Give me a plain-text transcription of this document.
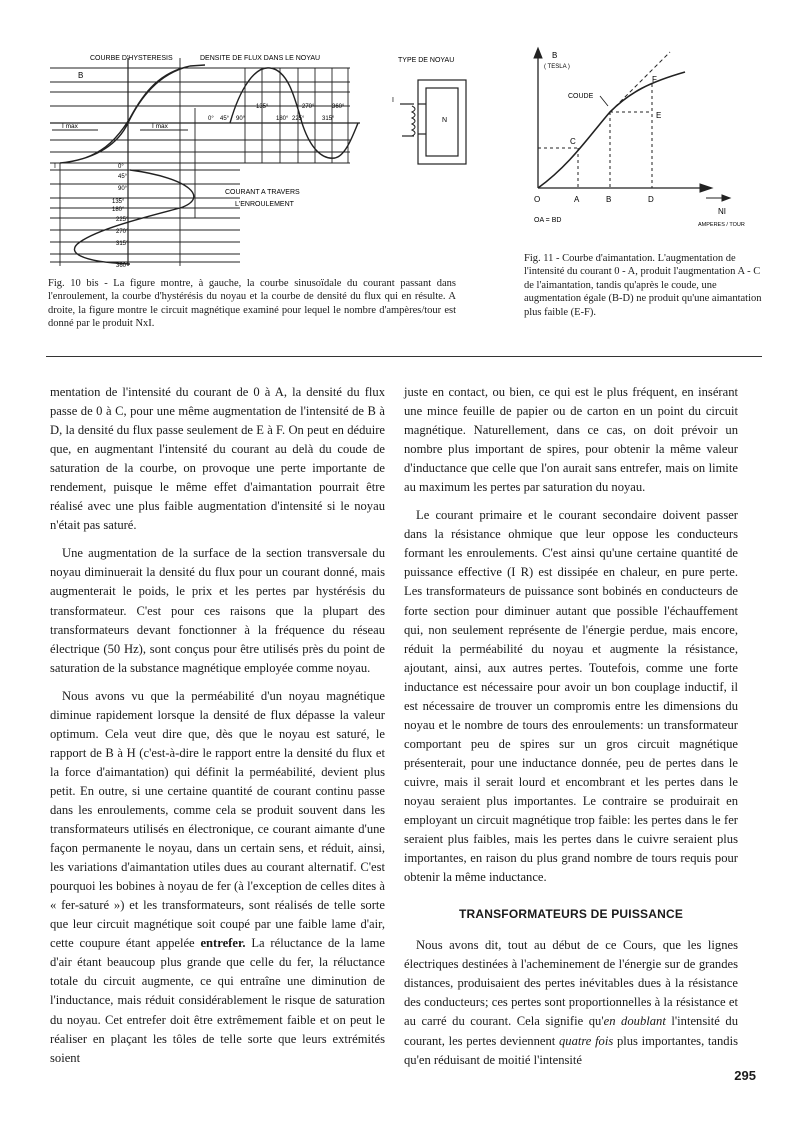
COURBE D'HYSTERESIS	DENSITE DE FLUX DANS LE NOYAU
B
I
I max	I max
0° 45° 90°
135°
180° 225°
270°
315°
360°
0°
45°
90°
135°
180°
225°
270°
315°
360°
COURANT A TRAVERS
L'ENROULEMENT
TYPE DE NOYAU
I
N
Fig. 10 bis - La figure montre, à gauche, la courbe sinusoïdale du courant passant dans l'enroulement, la courbe d'hystérésis du noyau et la courbe de densité du flux qui en résulte. A droite, la figure montre le circuit magnétique examiné pour lequel le nombre d'ampères/tour est donné par le produit NxI.
B
( TESLA )
COUDE
O	A	B	D
C
E
F
NI
AMPERES / TOUR
OA = BD
Fig. 11 - Courbe d'aimantation. L'augmentation de l'intensité du courant 0 - A, produit l'augmentation A - C de l'aimantation, tandis qu'après le coude, une augmentation égale (B-D) ne produit qu'une aimantation plus faible (E-F).

mentation de l'intensité du courant de 0 à A, la densité du flux passe de 0 à C, pour une même augmentation de l'intensité de B à D, la densité du flux passe seulement de E à F. On peut en déduire que, en augmentant l'intensité du courant au delà du coude de saturation de la courbe, on provoque une perte importante de rendement, puisque le même effet d'aimantation pourrait être réalisé avec une plus faible augmentation d'intensité si le noyau n'était pas saturé.

Une augmentation de la surface de la section transversale du noyau diminuerait la densité du flux pour un courant donné, mais augmenterait le poids, le prix et les pertes par hystérésis du transformateur. C'est pour ces raisons que la plupart des transformateurs devant fonctionner à la fréquence du réseau électrique (50 Hz), sont conçus pour être utilisés près du point de saturation de la substance magnétique employée comme noyau.

Nous avons vu que la perméabilité d'un noyau magnétique diminue rapidement lorsque la densité de flux dépasse la valeur optimum. Cela veut dire que, dès que le noyau est saturé, le rapport de B à H (c'est-à-dire le rapport entre la densité du flux et la force d'aimantation) qui définit la perméabilité, devient plus petit. En outre, si une certaine quantité de courant continu passe dans les enroulements, comme cela se produit souvent dans les transformateurs utilisés en électronique, ce courant aimante d'une façon permanente le noyau, dans un certain sens, et réduit, ainsi, les variations d'aimantation utiles dues au courant alternatif. C'est pourquoi les bobines à noyau de fer (à l'exception de celles dites à « fer-saturé ») et les transformateurs, sont réalisés de telle sorte que leur circuit magnétique soit coupé par une faible lame d'air, cette coupure étant appelée entrefer. La réluctance de la lame d'air étant beaucoup plus grande que celle du fer, la réluctance totale du circuit augmente, ce qui entraîne une diminution de l'inductance, mais réduit considérablement le risque de saturation du noyau. Cet entrefer doit être extrêmement faible et on peut le réaliser en plaçant les tôles de telle sorte que leurs extrémités soient

juste en contact, ou bien, ce qui est le plus fréquent, en insérant une mince feuille de papier ou de carton en un point du circuit magnétique. Naturellement, dans ce cas, on doit prévoir un nombre plus important de spires, pour obtenir la même valeur d'inductance que celle que l'on aurait sans entrefer, mais on limite au maximum les pertes par saturation du noyau.

Le courant primaire et le courant secondaire doivent passer dans la résistance ohmique que leur oppose les conducteurs formant les enroulements. C'est ainsi qu'une certaine quantité de puissance effective (I R) est dissipée en chaleur, en pure perte. Les transformateurs de puissance sont bobinés en conducteurs de forte section pour diminuer autant que possible l'échauffement qui, non seulement représente de l'énergie perdue, mais encore, réduit la perméabilité du noyau et augmente la résistance, ajoutant, ainsi, aux autres pertes. Toutefois, comme une forte inductance est nécessaire pour avoir un bon couplage inductif, il est nécessaire de trouver un compromis entre les dimensions du noyau et le nombre de tours des enroulements: un transformateur comportant peu de spires sur un gros circuit magnétique présenterait, pour une inductance donnée, peu de pertes dans le cuivre, mais il serait lourd et encombrant et les pertes dans le noyau seraient plus importantes. Le contraire se produirait en employant un circuit magnétique trop faible: les pertes dans le fer seraient plus faibles, mais les pertes dans le cuivre seraient plus importantes, en raison du plus grand nombre de tours requis pour obtenir la même inductance.

TRANSFORMATEURS DE PUISSANCE

Nous avons dit, tout au début de ce Cours, que les lignes électriques destinées à l'acheminement de l'énergie sur de grandes distances, produisaient des pertes inévitables dues à la résistance des conducteurs; ces pertes sont proportionnelles à la résistance et au carré du courant. Cela signifie qu'en doublant l'intensité du courant, les pertes deviennent quatre fois plus importantes, tandis qu'en réduisant de moitié l'intensité

295
